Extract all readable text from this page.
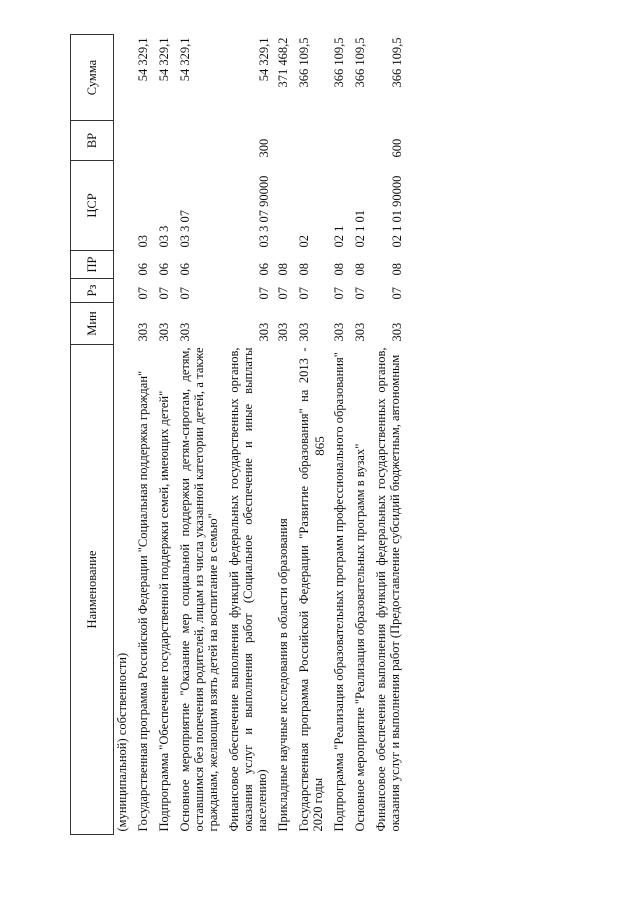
865
Наименование	Мин	Рз	ПР	ЦСР	ВР	Сумма
(муниципальной) собственности)						
Государственная программа Российской Федерации "Социальная поддержка граждан"	303	07	06	03		54 329,1
Подпрограмма "Обеспечение государственной поддержки семей, имеющих детей"	303	07	06	03 3		54 329,1
Основное мероприятие "Оказание мер социальной поддержки детям-сиротам, детям, оставшимся без попечения родителей, лицам из числа указанной категории детей, а также гражданам, желающим взять детей на воспитание в семью"	303	07	06	03 3 07		54 329,1
Финансовое обеспечение выполнения функций федеральных государственных органов, оказания услуг и выполнения работ (Социальное обеспечение и иные выплаты населению)	303	07	06	03 3 07 90000	300	54 329,1
Прикладные научные исследования в области образования	303	07	08			371 468,2
Государственная программа Российской Федерации "Развитие образования" на 2013 - 2020 годы	303	07	08	02		366 109,5
Подпрограмма "Реализация образовательных программ профессионального образования"	303	07	08	02 1		366 109,5
Основное мероприятие "Реализация образовательных программ в вузах"	303	07	08	02 1 01		366 109,5
Финансовое обеспечение выполнения функций федеральных государственных органов, оказания услуг и выполнения работ (Предоставление субсидий бюджетным, автономным	303	07	08	02 1 01 90000	600	366 109,5
